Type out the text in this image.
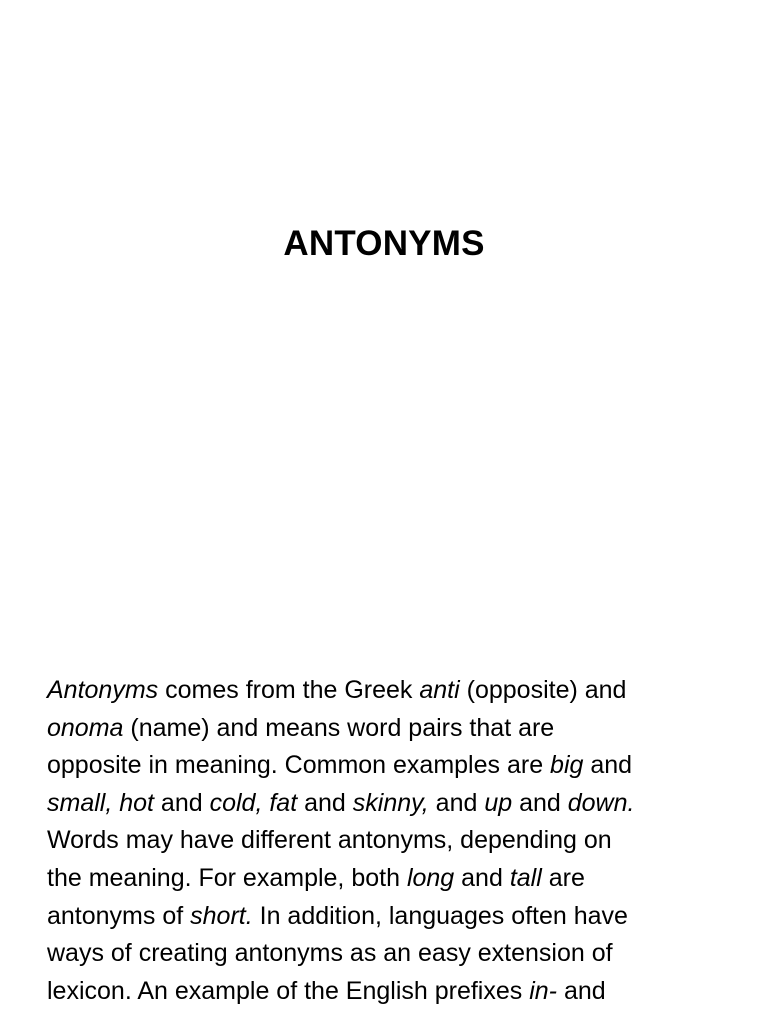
ANTONYMS
Antonyms comes from the Greek anti (opposite) and
onoma (name) and means word pairs that are
opposite in meaning. Common examples are big and
small, hot and cold, fat and skinny, and up and down.
Words may have different antonyms, depending on
the meaning. For example, both long and tall are
antonyms of short. In addition, languages often have
ways of creating antonyms as an easy extension of
lexicon. An example of the English prefixes in- and
